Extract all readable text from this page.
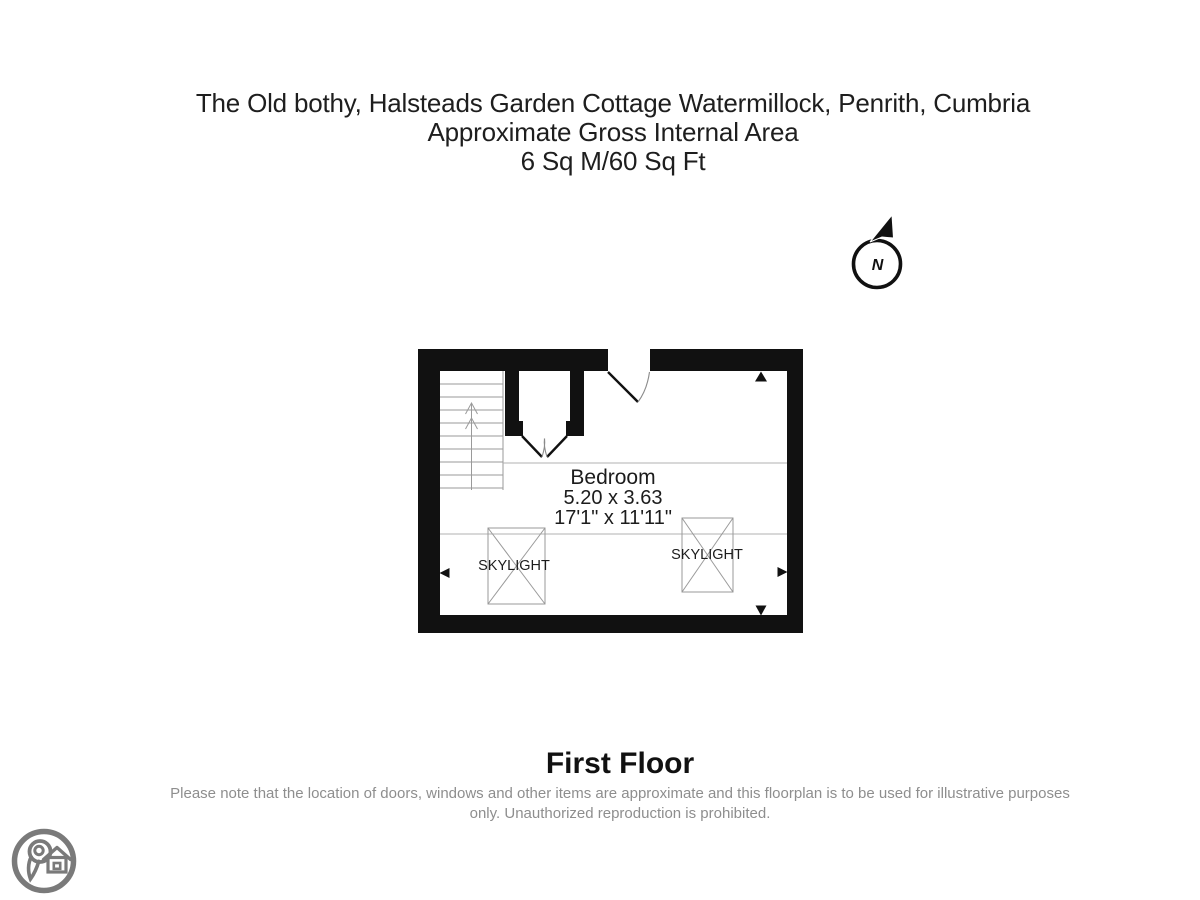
The Old bothy, Halsteads Garden Cottage Watermillock, Penrith, Cumbria
Approximate Gross Internal Area
6 Sq M/60 Sq Ft
N
Bedroom
5.20 x 3.63
17'1" x 11'11"
SKYLIGHT
SKYLIGHT
First Floor
Please note that the location of doors, windows and other items are approximate and this floorplan is to be used for illustrative purposes only. Unauthorized reproduction is prohibited.
